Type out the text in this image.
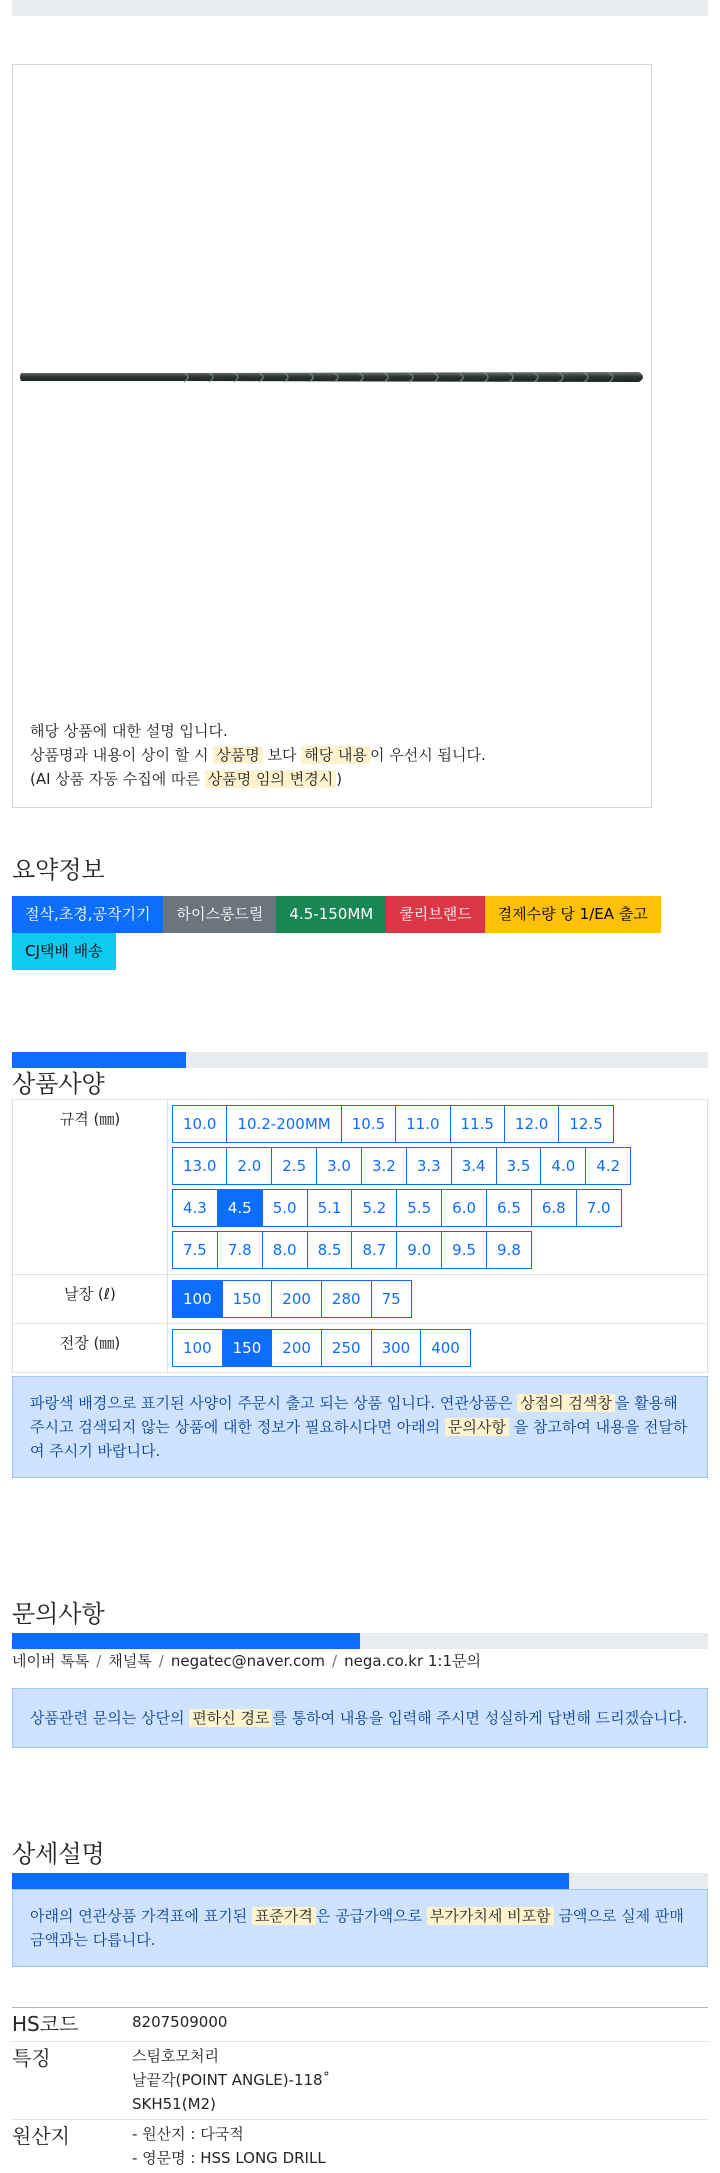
해당 상품에 대한 설명 입니다.
상품명과 내용이 상이 할 시 상품명 보다 해당 내용 이 우선시 됩니다.
(AI 상품 자동 수집에 따른 상품명 임의 변경시 )
요약정보
절삭,초경,공작기기	하이스롱드릴	4.5-150MM	쿨리브랜드	결제수량 당 1/EA 출고
CJ택배 배송
상품사양
규격 (㎜)	10.0 10.2-200MM 10.5 11.0 11.5 12.0 12.5
13.0 2.0 2.5 3.0 3.2 3.3 3.4 3.5 4.0 4.2
4.3 4.5 5.0 5.1 5.2 5.5 6.0 6.5 6.8 7.0
7.5 7.8 8.0 8.5 8.7 9.0 9.5 9.8
날장 (ℓ)	100 150 200 280 75
전장 (㎜)	100 150 200 250 300 400
파랑색 배경으로 표기된 사양이 주문시 출고 되는 상품 입니다. 연관상품은 상점의 검색창 을 활용해 주시고 검색되지 않는 상품에 대한 정보가 필요하시다면 아래의 문의사항 을 참고하여 내용을 전달하여 주시기 바랍니다.
문의사항
네이버 톡톡 / 채널톡 / negatec@naver.com / nega.co.kr 1:1문의
상품관련 문의는 상단의 편하신 경로 를 통하여 내용을 입력해 주시면 성실하게 답변해 드리겠습니다.
상세설명
아래의 연관상품 가격표에 표기된 표준가격 은 공급가액으로 부가가치세 비포함 금액으로 실제 판매금액과는 다릅니다.
HS코드	8207509000
특징	스팀호모처리
날끝각(POINT ANGLE)-118˚
SKH51(M2)

원산지	- 원산지 : 다국적
- 영문명 : HSS LONG DRILL
